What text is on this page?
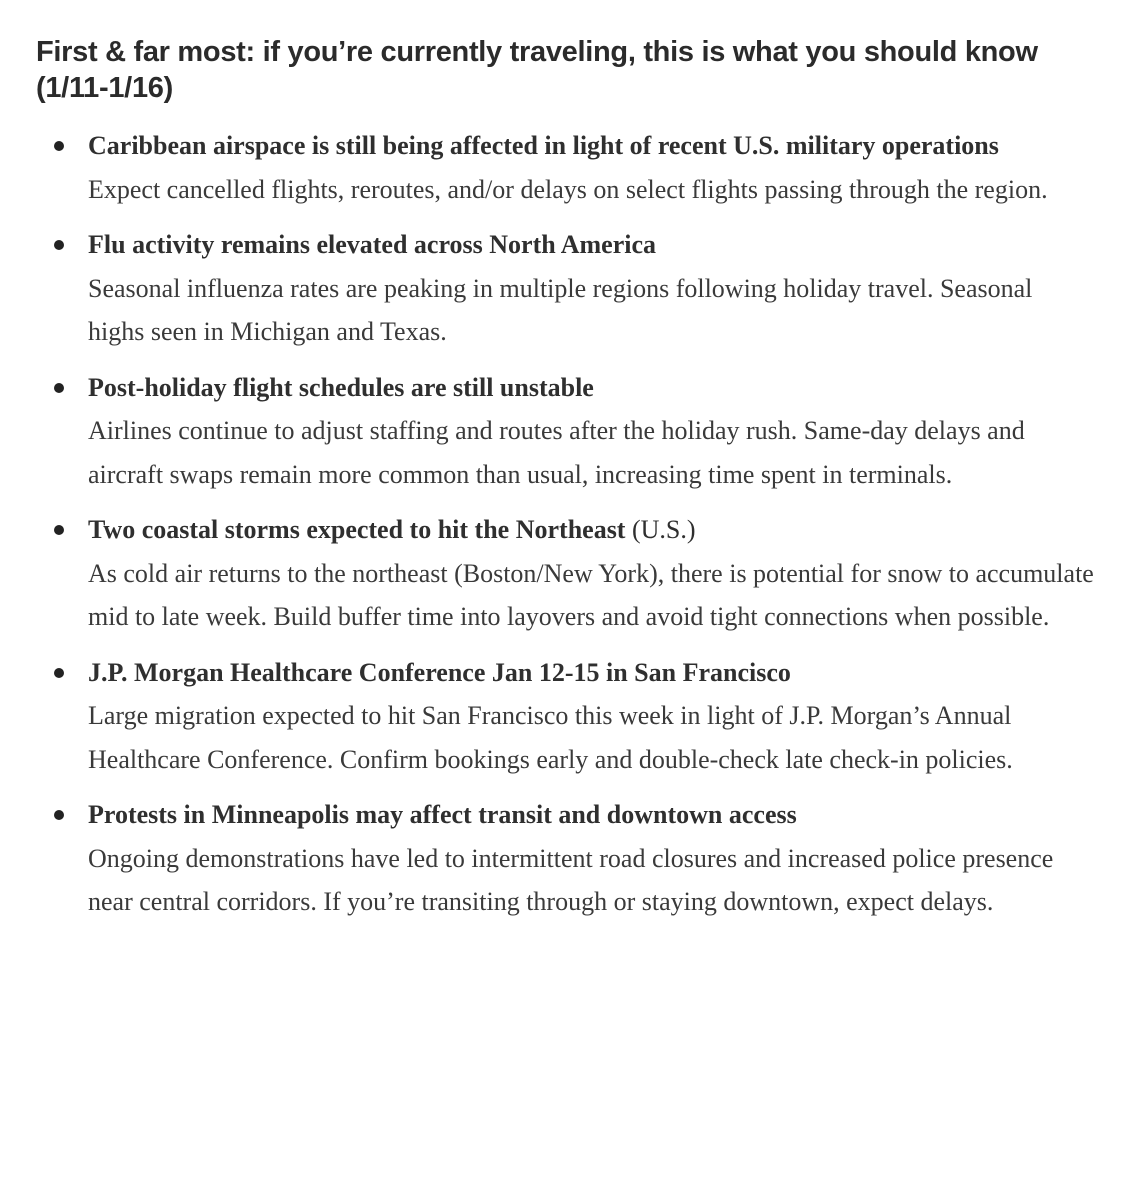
First & far most: if you’re currently traveling, this is what you should know (1/11-1/16)
Caribbean airspace is still being affected in light of recent U.S. military operations
Expect cancelled flights, reroutes, and/or delays on select flights passing through the region.
Flu activity remains elevated across North America
Seasonal influenza rates are peaking in multiple regions following holiday travel. Seasonal highs seen in Michigan and Texas.
Post-holiday flight schedules are still unstable
Airlines continue to adjust staffing and routes after the holiday rush. Same-day delays and aircraft swaps remain more common than usual, increasing time spent in terminals.
Two coastal storms expected to hit the Northeast (U.S.)
As cold air returns to the northeast (Boston/New York), there is potential for snow to accumulate mid to late week. Build buffer time into layovers and avoid tight connections when possible.
J.P. Morgan Healthcare Conference Jan 12-15 in San Francisco
Large migration expected to hit San Francisco this week in light of J.P. Morgan’s Annual Healthcare Conference. Confirm bookings early and double-check late check-in policies.
Protests in Minneapolis may affect transit and downtown access
Ongoing demonstrations have led to intermittent road closures and increased police presence near central corridors. If you’re transiting through or staying downtown, expect delays.
